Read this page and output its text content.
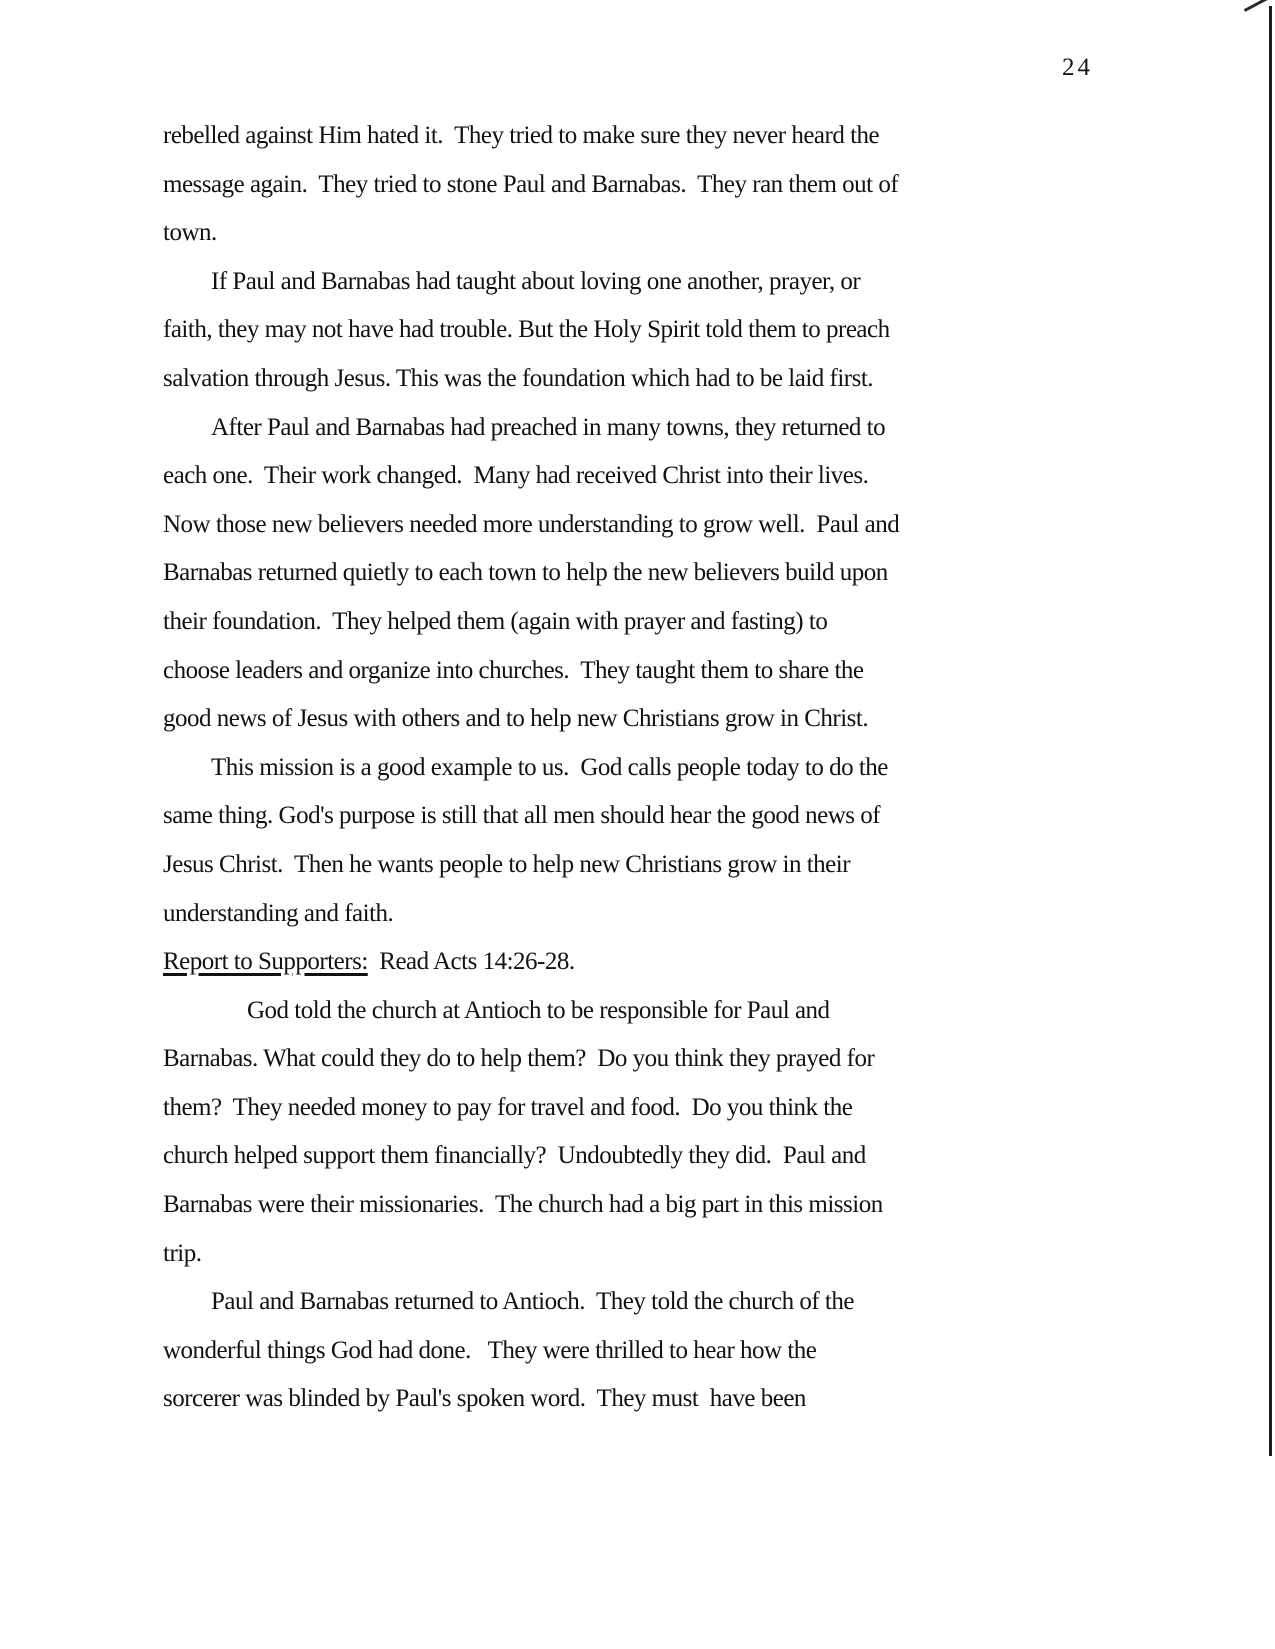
24
rebelled against Him hated it.  They tried to make sure they never heard the
message again.  They tried to stone Paul and Barnabas.  They ran them out of
town.
If Paul and Barnabas had taught about loving one another, prayer, or
faith, they may not have had trouble. But the Holy Spirit told them to preach
salvation through Jesus. This was the foundation which had to be laid first.
After Paul and Barnabas had preached in many towns, they returned to
each one.  Their work changed.  Many had received Christ into their lives.
Now those new believers needed more understanding to grow well.  Paul and
Barnabas returned quietly to each town to help the new believers build upon
their foundation.  They helped them (again with prayer and fasting) to
choose leaders and organize into churches.  They taught them to share the
good news of Jesus with others and to help new Christians grow in Christ.
This mission is a good example to us.  God calls people today to do the
same thing. God's purpose is still that all men should hear the good news of
Jesus Christ.  Then he wants people to help new Christians grow in their
understanding and faith.
Report to Supporters:  Read Acts 14:26-28.
God told the church at Antioch to be responsible for Paul and
Barnabas. What could they do to help them?  Do you think they prayed for
them?  They needed money to pay for travel and food.  Do you think the
church helped support them financially?  Undoubtedly they did.  Paul and
Barnabas were their missionaries.  The church had a big part in this mission
trip.
Paul and Barnabas returned to Antioch.  They told the church of the
wonderful things God had done.   They were thrilled to hear how the
sorcerer was blinded by Paul's spoken word.  They must  have been
